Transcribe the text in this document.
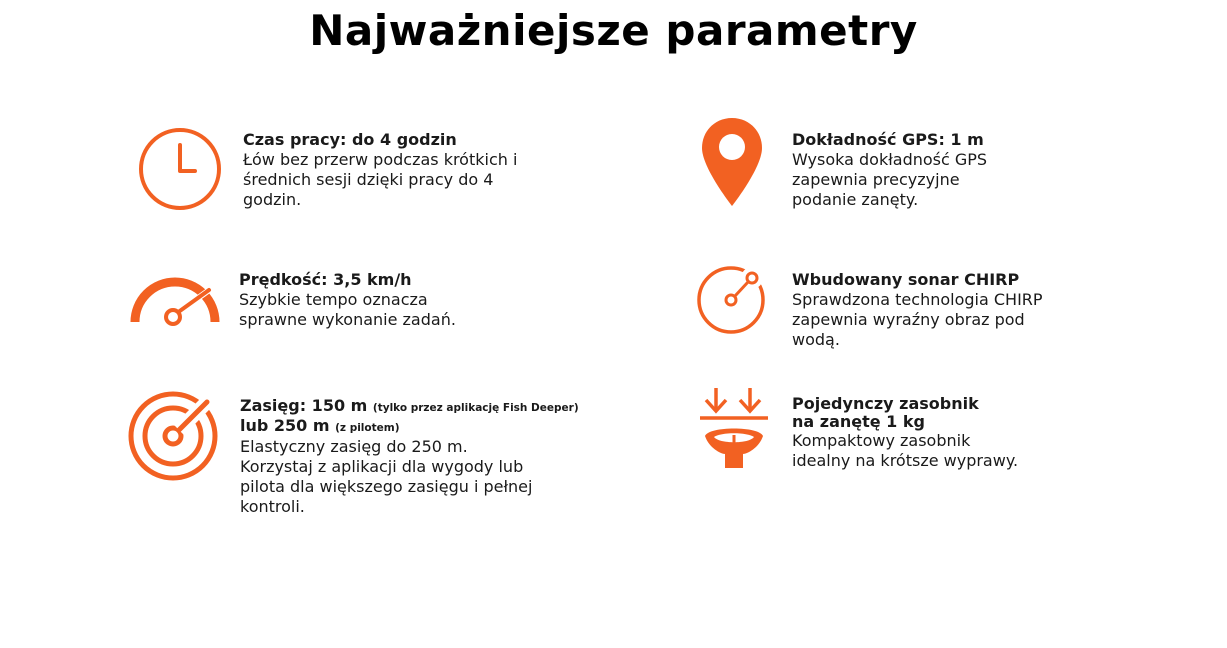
Najważniejsze parametry
Czas pracy: do 4 godzin
Łów bez przerw podczas krótkich i
średnich sesji dzięki pracy do 4
godzin.
Dokładność GPS: 1 m
Wysoka dokładność GPS
zapewnia precyzyjne
podanie zanęty.
Prędkość: 3,5 km/h
Szybkie tempo oznacza
sprawne wykonanie zadań.
Wbudowany sonar CHIRP
Sprawdzona technologia CHIRP
zapewnia wyraźny obraz pod
wodą.
Zasięg: 150 m (tylko przez aplikację Fish Deeper)
lub 250 m (z pilotem)
Elastyczny zasięg do 250 m.
Korzystaj z aplikacji dla wygody lub
pilota dla większego zasięgu i pełnej
kontroli.
Pojedynczy zasobnik
na zanętę 1 kg
Kompaktowy zasobnik
idealny na krótsze wyprawy.
